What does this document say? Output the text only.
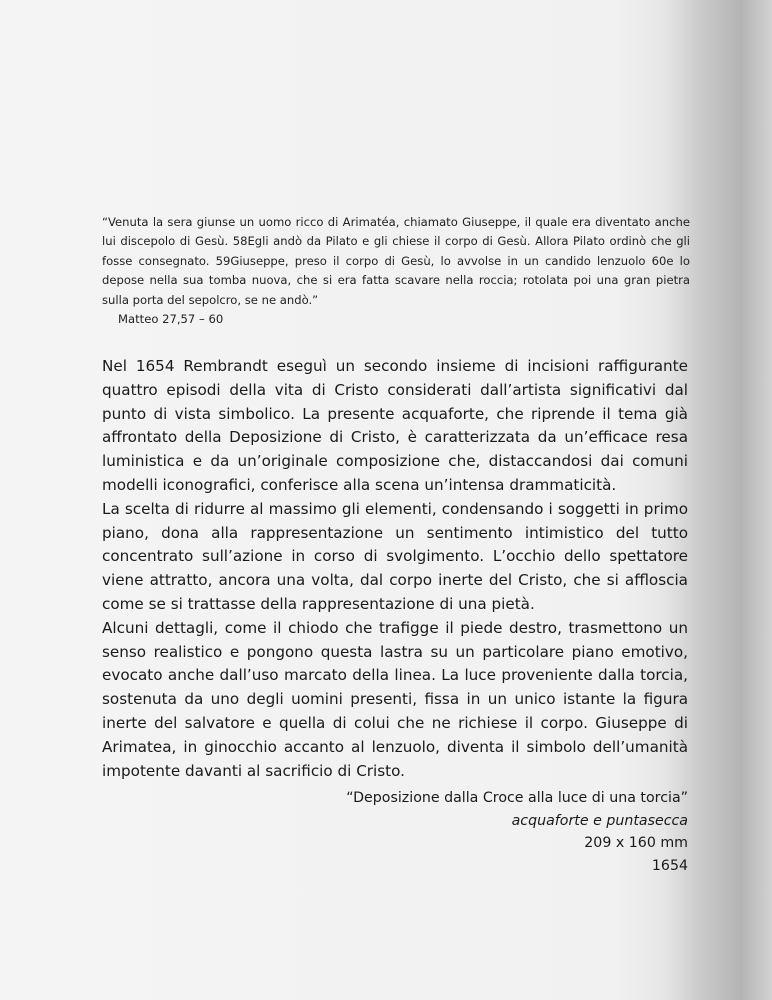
“Venuta la sera giunse un uomo ricco di Arimatéa, chiamato Giuseppe, il quale era diventato anche lui discepolo di Gesù. 58Egli andò da Pilato e gli chiese il corpo di Gesù. Allora Pilato ordinò che gli fosse consegnato. 59Giuseppe, preso il corpo di Gesù, lo avvolse in un candido lenzuolo 60e lo depose nella sua tomba nuova, che si era fatta scavare nella roccia; rotolata poi una gran pietra sulla porta del sepolcro, se ne andò.”

Matteo 27,57 – 60

Nel 1654 Rembrandt eseguì un secondo insieme di incisioni raffigurante quattro episodi della vita di Cristo considerati dall’artista significativi dal punto di vista simbolico. La presente acquaforte, che riprende il tema già affrontato della Deposizione di Cristo, è caratterizzata da un’efficace resa luministica e da un’originale composizione che, distaccandosi dai comuni modelli iconografici, conferisce alla scena un’intensa drammaticità.

La scelta di ridurre al massimo gli elementi, condensando i soggetti in primo piano, dona alla rappresentazione un sentimento intimistico del tutto concentrato sull’azione in corso di svolgimento. L’occhio dello spettatore viene attratto, ancora una volta, dal corpo inerte del Cristo, che si affloscia come se si trattasse della rappresentazione di una pietà.

Alcuni dettagli, come il chiodo che trafigge il piede destro, trasmettono un senso realistico e pongono questa lastra su un particolare piano emotivo, evocato anche dall’uso marcato della linea. La luce proveniente dalla torcia, sostenuta da uno degli uomini presenti, fissa in un unico istante la figura inerte del salvatore e quella di colui che ne richiese il corpo. Giuseppe di Arimatea, in ginocchio accanto al lenzuolo, diventa il simbolo dell’umanità impotente davanti al sacrificio di Cristo.

“Deposizione dalla Croce alla luce di una torcia”
acquaforte e puntasecca
209 x 160 mm
1654
